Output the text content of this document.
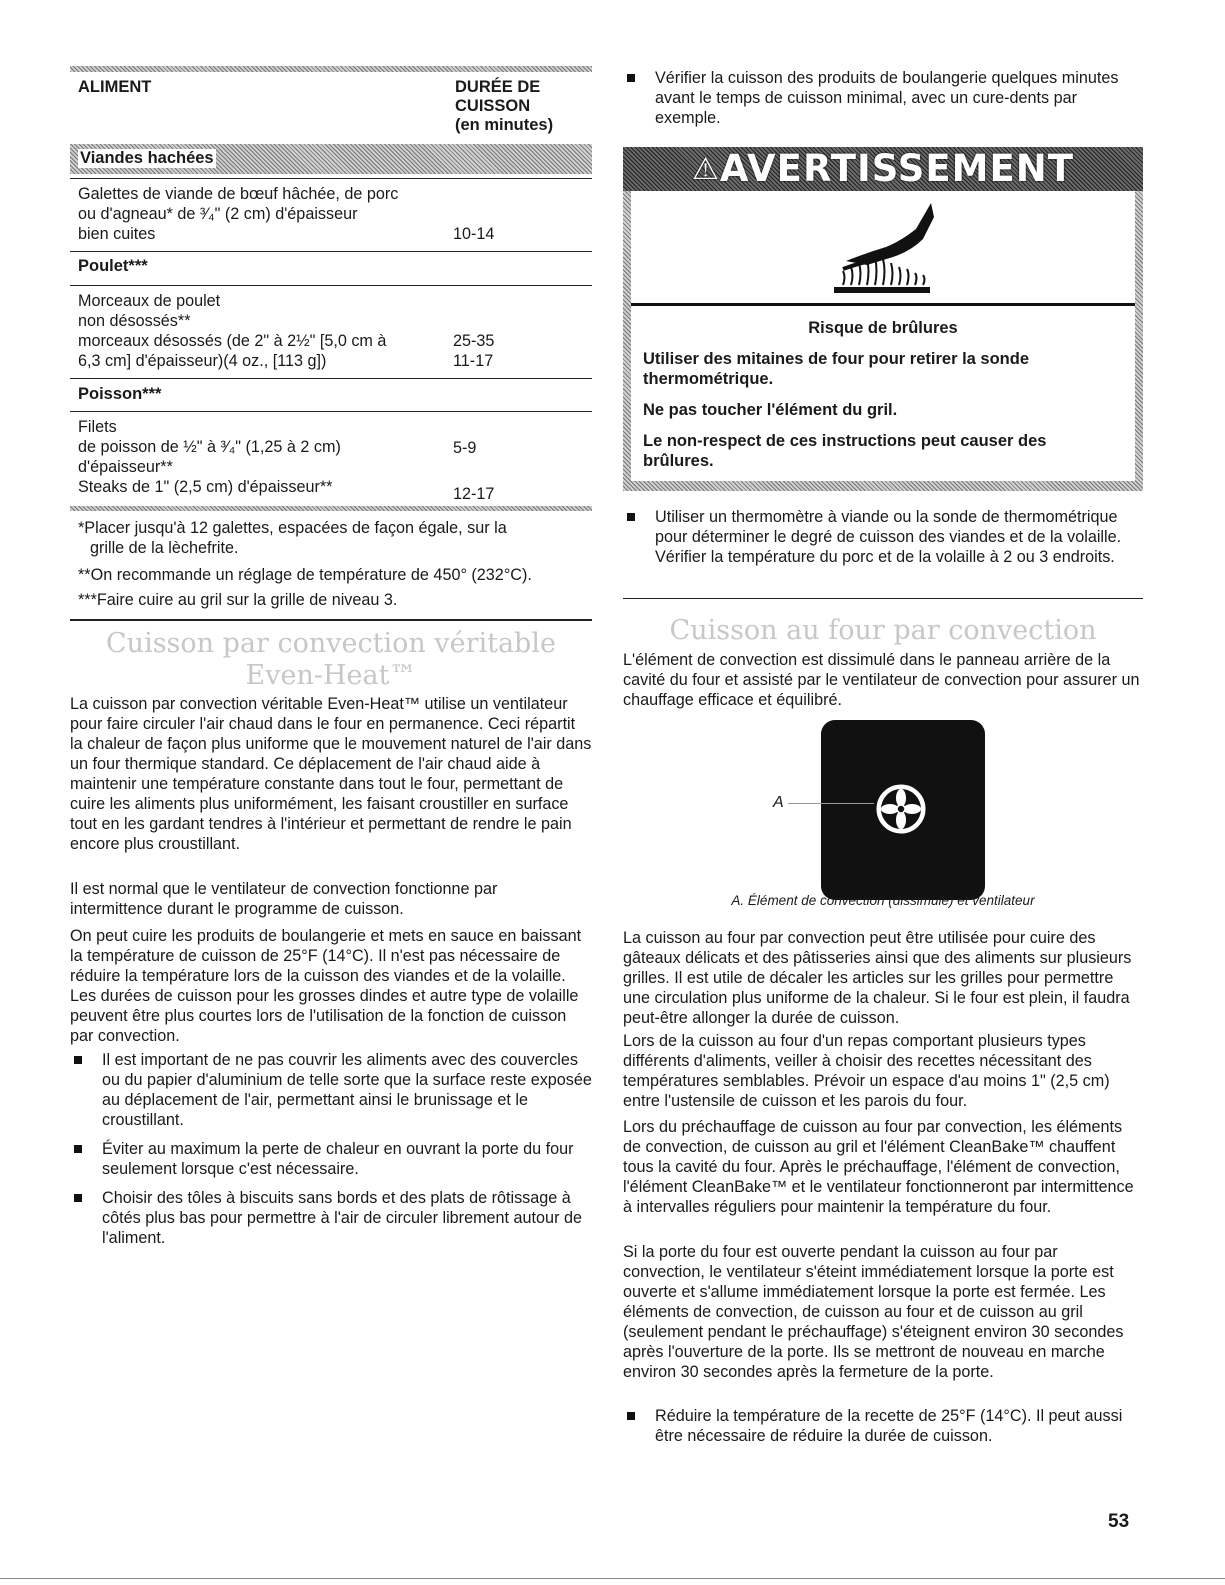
ALIMENT	DURÉE DE
CUISSON
(en minutes)
Viandes hachées
Galettes de viande de bœuf hâchée, de porc
ou d'agneau* de ³⁄₄" (2 cm) d'épaisseur
bien cuites	10-14
Poulet***
Morceaux de poulet
non désossés**
morceaux désossés (de 2" à 2½" [5,0 cm à
6,3 cm] d'épaisseur)(4 oz., [113 g])
25-35
11-17
Poisson***
Filets
de poisson de ½" à ³⁄₄" (1,25 à 2 cm)
d'épaisseur**
Steaks de 1" (2,5 cm) d'épaisseur**
5-9
12-17
*Placer jusqu'à 12 galettes, espacées de façon égale, sur la
grille de la lèchefrite.
**On recommande un réglage de température de 450° (232°C).
***Faire cuire au gril sur la grille de niveau 3.
Cuisson par convection véritable
Even-Heat™

La cuisson par convection véritable Even-Heat™ utilise un ventilateur pour faire circuler l'air chaud dans le four en permanence. Ceci répartit la chaleur de façon plus uniforme que le mouvement naturel de l'air dans un four thermique standard. Ce déplacement de l'air chaud aide à maintenir une température constante dans tout le four, permettant de cuire les aliments plus uniformément, les faisant croustiller en surface tout en les gardant tendres à l'intérieur et permettant de rendre le pain encore plus croustillant.

Il est normal que le ventilateur de convection fonctionne par intermittence durant le programme de cuisson.

On peut cuire les produits de boulangerie et mets en sauce en baissant la température de cuisson de 25°F (14°C). Il n'est pas nécessaire de réduire la température lors de la cuisson des viandes et de la volaille. Les durées de cuisson pour les grosses dindes et autre type de volaille peuvent être plus courtes lors de l'utilisation de la fonction de cuisson par convection.

Il est important de ne pas couvrir les aliments avec des couvercles ou du papier d'aluminium de telle sorte que la surface reste exposée au déplacement de l'air, permettant ainsi le brunissage et le croustillant.
Éviter au maximum la perte de chaleur en ouvrant la porte du four seulement lorsque c'est nécessaire.
Choisir des tôles à biscuits sans bords et des plats de rôtissage à côtés plus bas pour permettre à l'air de circuler librement autour de l'aliment.
Vérifier la cuisson des produits de boulangerie quelques minutes avant le temps de cuisson minimal, avec un cure-dents par exemple.
⚠AVERTISSEMENT
Risque de brûlures
Utiliser des mitaines de four pour retirer la sonde thermométrique.
Ne pas toucher l'élément du gril.
Le non-respect de ces instructions peut causer des brûlures.
Utiliser un thermomètre à viande ou la sonde de thermométrique pour déterminer le degré de cuisson des viandes et de la volaille. Vérifier la température du porc et de la volaille à 2 ou 3 endroits.
Cuisson au four par convection

L'élément de convection est dissimulé dans le panneau arrière de la cavité du four et assisté par le ventilateur de convection pour assurer un chauffage efficace et équilibré.

A
A. Élément de convection (dissimulé) et ventilateur

La cuisson au four par convection peut être utilisée pour cuire des gâteaux délicats et des pâtisseries ainsi que des aliments sur plusieurs grilles. Il est utile de décaler les articles sur les grilles pour permettre une circulation plus uniforme de la chaleur. Si le four est plein, il faudra peut-être allonger la durée de cuisson.

Lors de la cuisson au four d'un repas comportant plusieurs types différents d'aliments, veiller à choisir des recettes nécessitant des températures semblables. Prévoir un espace d'au moins 1" (2,5 cm) entre l'ustensile de cuisson et les parois du four.

Lors du préchauffage de cuisson au four par convection, les éléments de convection, de cuisson au gril et l'élément CleanBake™ chauffent tous la cavité du four. Après le préchauffage, l'élément de convection, l'élément CleanBake™ et le ventilateur fonctionneront par intermittence à intervalles réguliers pour maintenir la température du four.

Si la porte du four est ouverte pendant la cuisson au four par convection, le ventilateur s'éteint immédiatement lorsque la porte est ouverte et s'allume immédiatement lorsque la porte est fermée. Les éléments de convection, de cuisson au four et de cuisson au gril (seulement pendant le préchauffage) s'éteignent environ 30 secondes après l'ouverture de la porte. Ils se mettront de nouveau en marche environ 30 secondes après la fermeture de la porte.

Réduire la température de la recette de 25°F (14°C). Il peut aussi être nécessaire de réduire la durée de cuisson.
53
